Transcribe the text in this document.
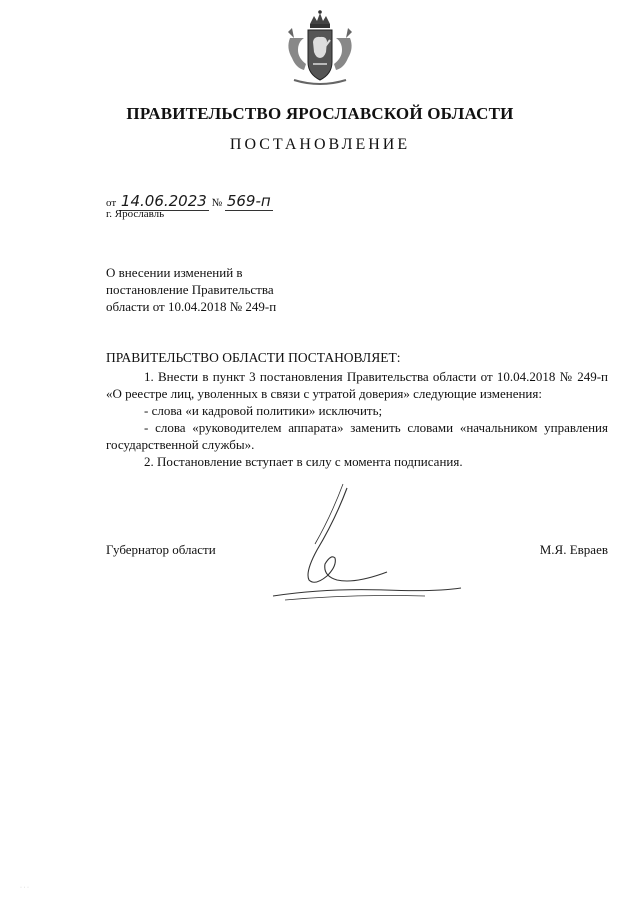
ПРАВИТЕЛЬСТВО ЯРОСЛАВСКОЙ ОБЛАСТИ
ПОСТАНОВЛЕНИЕ
от 14.06.2023 № 569-п
г. Ярославль
О внесении изменений в
постановление Правительства
области от 10.04.2018 № 249-п
ПРАВИТЕЛЬСТВО ОБЛАСТИ ПОСТАНОВЛЯЕТ:

1. Внести в пункт 3 постановления Правительства области от 10.04.2018 № 249-п «О реестре лиц, уволенных в связи с утратой доверия» следующие изменения:

- слова «и кадровой политики» исключить;

- слова «руководителем аппарата» заменить словами «начальником управления государственной службы».

2. Постановление вступает в силу с момента подписания.

Губернатор области	М.Я. Евраев
· · ·
